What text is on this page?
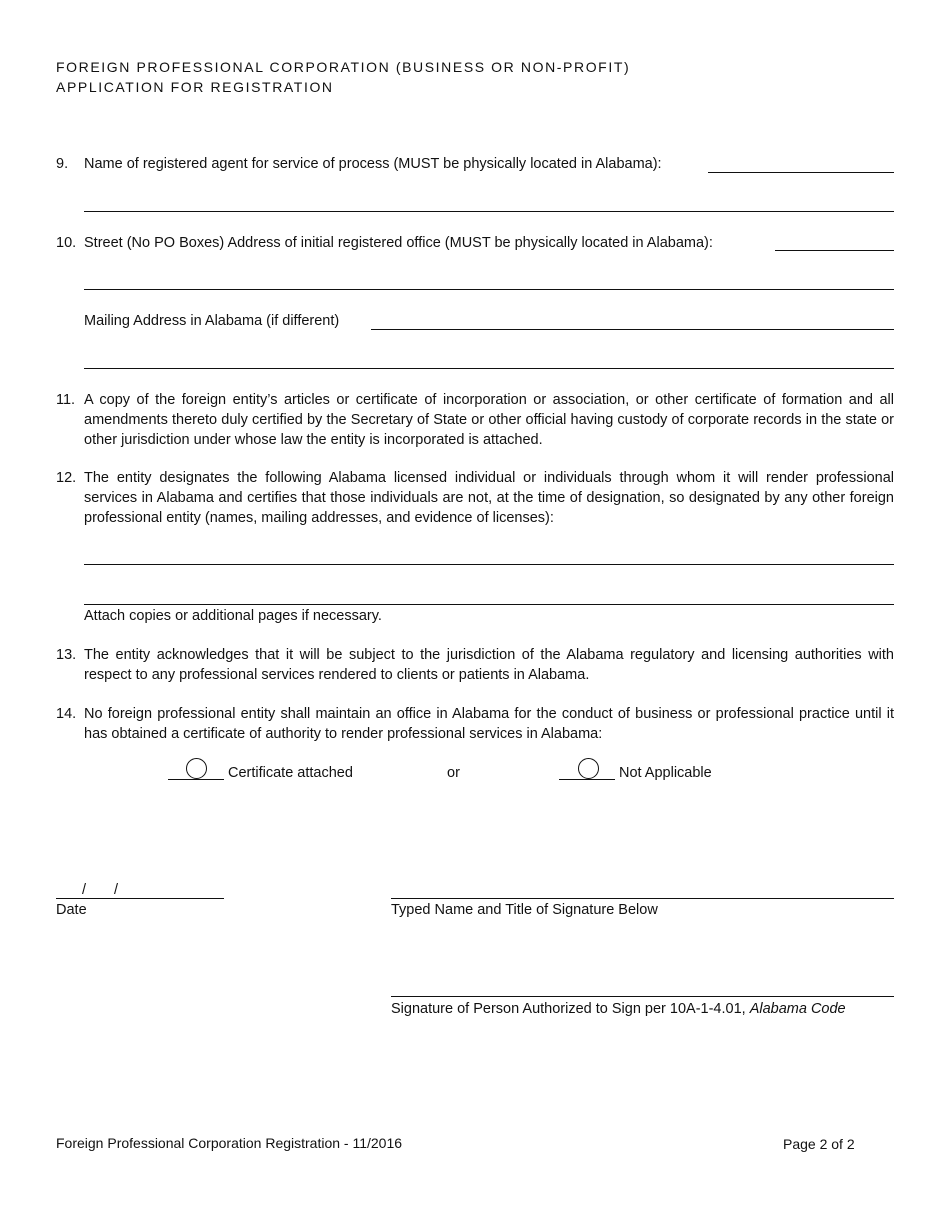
FOREIGN PROFESSIONAL CORPORATION (BUSINESS OR NON-PROFIT)
APPLICATION FOR REGISTRATION
9. Name of registered agent for service of process (MUST be physically located in Alabama):
10. Street (No PO Boxes) Address of initial registered office (MUST be physically located in Alabama):
Mailing Address in Alabama (if different)
11. A copy of the foreign entity’s articles or certificate of incorporation or association, or other certificate of formation and all amendments thereto duly certified by the Secretary of State or other official having custody of corporate records in the state or other jurisdiction under whose law the entity is incorporated is attached.
12. The entity designates the following Alabama licensed individual or individuals through whom it will render professional services in Alabama and certifies that those individuals are not, at the time of designation, so designated by any other foreign professional entity (names, mailing addresses, and evidence of licenses):
Attach copies or additional pages if necessary.
13. The entity acknowledges that it will be subject to the jurisdiction of the Alabama regulatory and licensing authorities with respect to any professional services rendered to clients or patients in Alabama.
14. No foreign professional entity shall maintain an office in Alabama for the conduct of business or professional practice until it has obtained a certificate of authority to render professional services in Alabama:
Certificate attached	or	Not Applicable
/ /
Date	Typed Name and Title of Signature Below
Signature of Person Authorized to Sign per 10A-1-4.01, Alabama Code
Foreign Professional Corporation Registration - 11/2016	Page 2 of 2
